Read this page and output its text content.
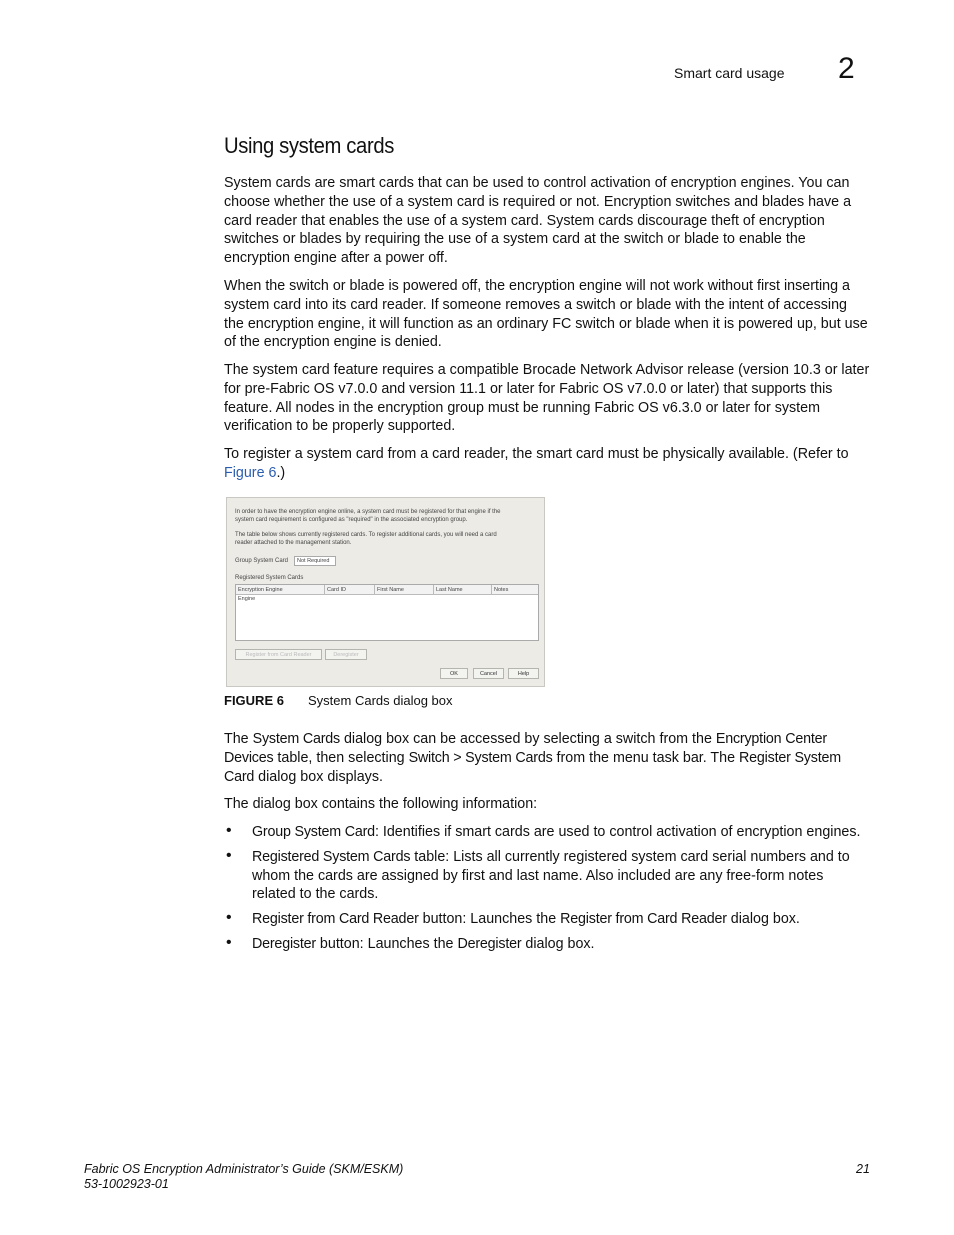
Smart card usage 2
Using system cards

System cards are smart cards that can be used to control activation of encryption engines. You can choose whether the use of a system card is required or not. Encryption switches and blades have a card reader that enables the use of a system card. System cards discourage theft of encryption switches or blades by requiring the use of a system card at the switch or blade to enable the encryption engine after a power off.

When the switch or blade is powered off, the encryption engine will not work without first inserting a system card into its card reader. If someone removes a switch or blade with the intent of accessing the encryption engine, it will function as an ordinary FC switch or blade when it is powered up, but use of the encryption engine is denied.

The system card feature requires a compatible Brocade Network Advisor release (version 10.3 or later for pre-Fabric OS v7.0.0 and version 11.1 or later for Fabric OS v7.0.0 or later) that supports this feature. All nodes in the encryption group must be running Fabric OS v6.3.0 or later for system verification to be properly supported.

To register a system card from a card reader, the smart card must be physically available. (Refer to Figure 6.)

In order to have the encryption engine online, a system card must be registered for that engine if the
system card requirement is configured as "required" in the associated encryption group.
The table below shows currently registered cards. To register additional cards, you will need a card
reader attached to the management station.
Group System Card	Not Required
Registered System Cards
Encryption Engine	Card ID	First Name	Last Name	Notes
Engine
Register from Card Reader	Deregister
OK	Cancel	Help
FIGURE 6 System Cards dialog box

The System Cards dialog box can be accessed by selecting a switch from the Encryption Center Devices table, then selecting Switch > System Cards from the menu task bar. The Register System Card dialog box displays.

The dialog box contains the following information:

• Group System Card: Identifies if smart cards are used to control activation of encryption engines.
• Registered System Cards table: Lists all currently registered system card serial numbers and to whom the cards are assigned by first and last name. Also included are any free-form notes related to the cards.
• Register from Card Reader button: Launches the Register from Card Reader dialog box.
• Deregister button: Launches the Deregister dialog box.
Fabric OS Encryption Administrator’s Guide (SKM/ESKM)
53-1002923-01
21
